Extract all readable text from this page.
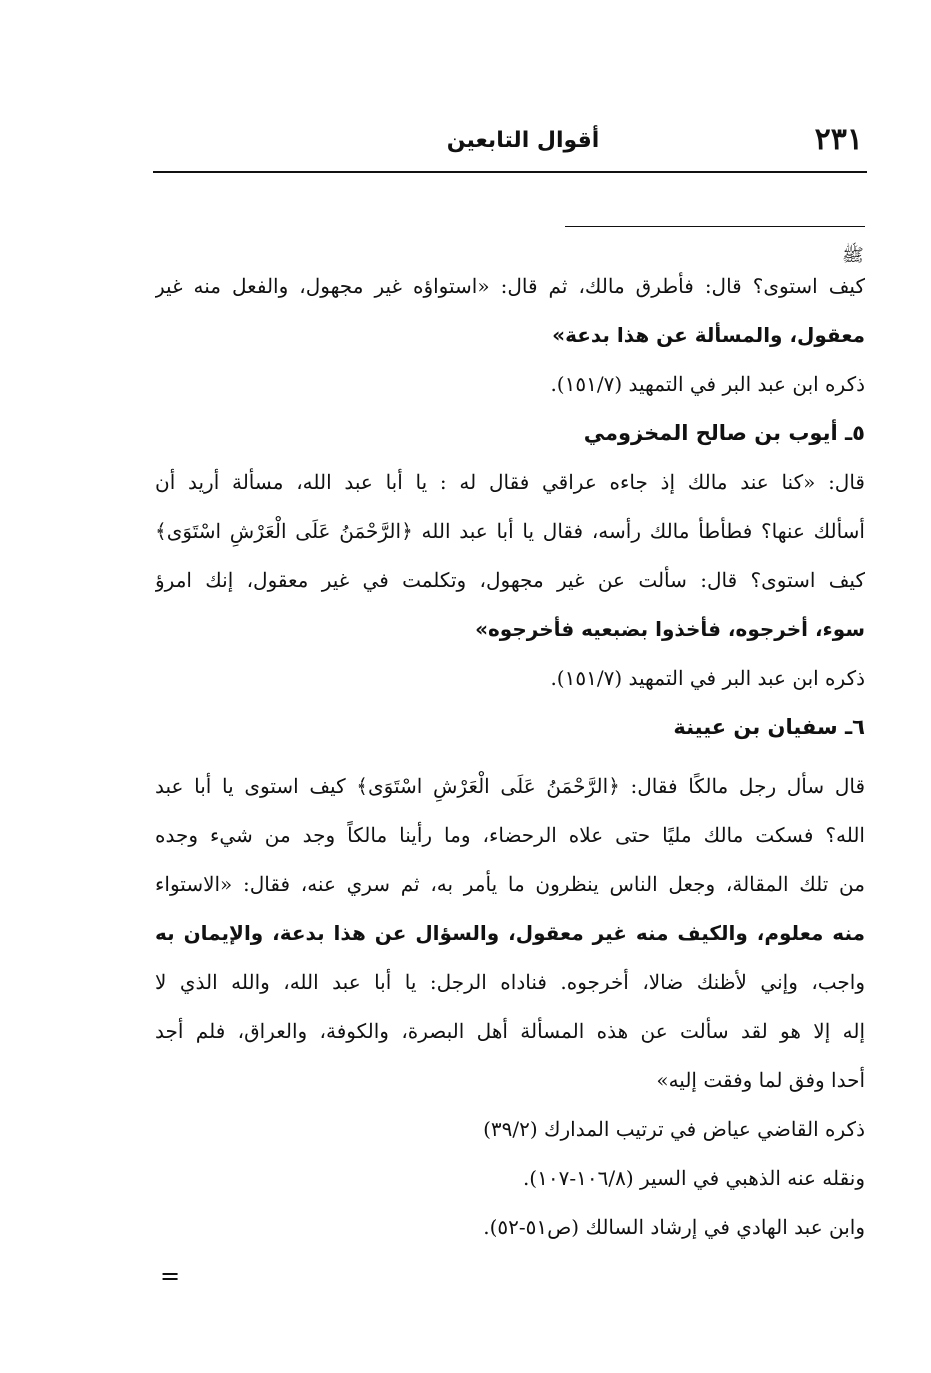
٢٣١
أقوال التابعين
ﷺ
كيف استوى؟ قال: فأطرق مالك، ثم قال: «استواؤه غير مجهول، والفعل منه غير
معقول، والمسألة عن هذا بدعة»
ذكره ابن عبد البر في التمهيد (١٥١/٧).
٥ـ أيوب بن صالح المخزومي
قال: «كنا عند مالك إذ جاءه عراقي فقال له : يا أبا عبد الله، مسألة أريد أن
أسألك عنها؟ فطأطأ مالك رأسه، فقال يا أبا عبد الله ﴿الرَّحْمَنُ عَلَى الْعَرْشِ اسْتَوَى﴾
كيف استوى؟ قال: سألت عن غير مجهول، وتكلمت في غير معقول، إنك امرؤ
سوء، أخرجوه، فأخذوا بضبعيه فأخرجوه»
ذكره ابن عبد البر في التمهيد (١٥١/٧).
٦ـ سفيان بن عيينة
قال سأل رجل مالكًا فقال: ﴿الرَّحْمَنُ عَلَى الْعَرْشِ اسْتَوَى﴾ كيف استوى يا أبا عبد
الله؟ فسكت مالك مليًا حتى علاه الرحضاء، وما رأينا مالكاً وجد من شيء وجده
من تلك المقالة، وجعل الناس ينظرون ما يأمر به، ثم سري عنه، فقال: «الاستواء
منه معلوم، والكيف منه غير معقول، والسؤال عن هذا بدعة، والإيمان به
واجب، وإني لأظنك ضالا، أخرجوه. فناداه الرجل: يا أبا عبد الله، والله الذي لا
إله إلا هو لقد سألت عن هذه المسألة أهل البصرة، والكوفة، والعراق، فلم أجد
أحدا وفق لما وفقت إليه»
ذكره القاضي عياض في ترتيب المدارك (٣٩/٢)
ونقله عنه الذهبي في السير (١٠٦/٨-١٠٧).
وابن عبد الهادي في إرشاد السالك (ص٥١-٥٢).
=
